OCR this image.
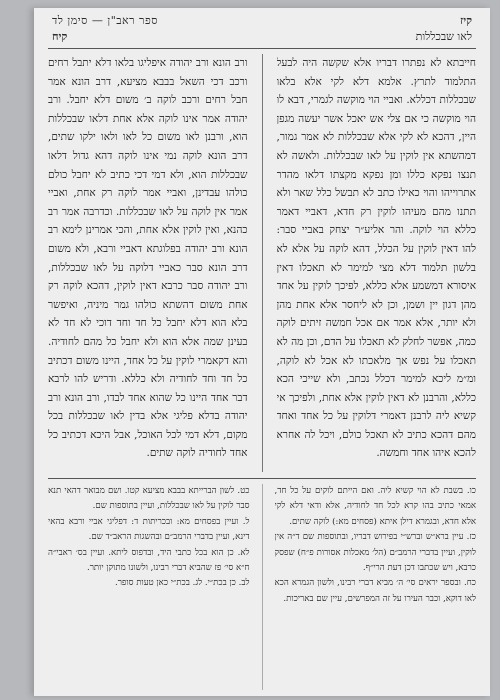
קיז
ספר ראב"ן — סימן לד
לאו שבכללות
קיח

חייבתא לא נפתרו דבריו אלא שקשה היה לבעל התלמוד לתרץ. אלמא דלא לקי אלא בלאו שבכללות דכללא. ואביי הוי מוקשה לגמרי, דבא לו הוי מוקשה כי אם צלי אש יאכל אשר יעשה מגפן היין, דהכא לא לקי אלא שבכללות לא אמר גמור, דמהשתא אין לוקין על לאו שבכללות. ולאשה לא תנצו נפקא כללו ומן נפקא מקצתו דלאו מהדר אתרוייהו והוי כאילו כתב לא תבשל כלל שאר ולא תתנו מהם מעיהו לוקין רק חדא, דאביי דאמר כללא הוי לוקה. והר אליע״ר יצחק באביי סבר: להו דאין לוקין על הכלל, דהא לוקה על אלא לא בלשון תלמוד דלא מצי למימר לא תאכלו דאין איסורא דמשמע אלא כללא, לפיכך לוקין על אחד מהן דגון יין ושמן, וכן לא ליחסר אלא אחת מהן ולא יותר, אלא אמר אם אכל חמשה זיתים לוקה כמה, אפשר לחלק לא תאכלו על הדם, וכן מה לא תאכלו על נפש אך מלאכתו לא אכל לא לוקה, ומ״מ ליכא למימר דכלל נכתב, ולא שייכי הכא כללא, והרבנן לא דאין לוקין אלא אחת, ולפיכך אי קשיא ליה לרבנן דאמרי דלוקין על כל אחד ואחד מהם דהכא כתיב לא תאכל כולם, ויכל לה אחרא להכא איהו אחד וחמשה.

ורב הונא ורב יהודה איפליגו בלאו דלא יתבל רחים ורכב דכי השאל בבבא מציעא, דרב הונא אמר חבל רחים ורכב לוקה ב׳ משום דלא יחבל. ורב יהודה אמר אינו לוקה אלא אחת דלאו שבכללות הוא, ורבנן לאו משום כל לאו ולאו ילקו שתים, דרב הונא לוקה נמי אינו לוקה דהא גדול דלאו שבכללות הוא, ולא דמי דכי כתיב לא יחבל כולם כולהו עבדינן, ואביי אמר לוקה רק אחת, ואביי אמר אין לוקה על לאו שבכללות. וכדרבה אמר רב כהנא, ואין לוקין אלא אחת, והכי אמרינן לימא רב הונא ורב יהודה בפלוגתא דאביי ורבא, ולא משום דרב הונא סבר כאביי דלוקה על לאו שבכללות, ורב יהודה סבר כרבא דאין לוקין, דהכא לוקה רק אחת משום דהשתא כולהו גמר מיניה, ואיפשר בלא הוא דלא יחבל כל חד וחד דוכי לא חד לא בעינן שמה אלא הוא ולא יחבל כל מהם לחודיה. והא דקאמרי לוקין על כל אחד, היינו משום דכתיב כל חד וחד לחודיה ולא כללא. ודריש להו לרבא דבר אחד היינו כל שהוא אחד לבדו, ורב הונא ורב יהודה בדלא פליגי אלא בדין לאו שבכללות בכל מקום, דלא דמי לכל האוכל, אבל היכא דכתיב כל אחד לחודיה לוקה שתים.

כו. בשבת לא הוי קשיא ליה. ואם הייתם לוקים על כל חד, אמאי כתיב בהו קרא לכל חד לחודיה, אלא ודאי דלא לקי אלא חדא, ובגמרא דילן איתא (פסחים מא:) לוקה שתים.

כז. עיין ברא״ש וברש״י בפירוש דבריו, ובתוספות שם ד״ה אין לוקין, ועיין בדברי הרמב״ם (הל׳ מאכלות אסורות פ״ח) שפסק כרבא, ויש שכתבו דכן דעת הרי״ף.

כח. ובספר יראים סי׳ ה׳ מביא דברי רבינו, ולשון הגמרא הכא לאו דוקא, וכבר העירו על זה המפרשים, עיין שם באריכות.

כט. לשון הברייתא בבבא מציעא קטו. ושם מבואר דהאי תנא סבר לוקין על לאו שבכללות, ועיין בתוספות שם.

ל. ועיין בפסחים מא: ובכריתות ד: דפליגי אביי ורבא בהאי דינא, ועיין בדברי הרמב״ם ובהשגות הראב״ד שם.

לא. כן הוא בכל כתבי היד, ובדפוס ליתא. ועיין בס׳ ראבי״ה ח״א סי׳ פז שהביא דברי רבינו, ולשונו מתוקן יותר.

לב. כן בכת״י. לג. בכת״י כאן טעות סופר.
